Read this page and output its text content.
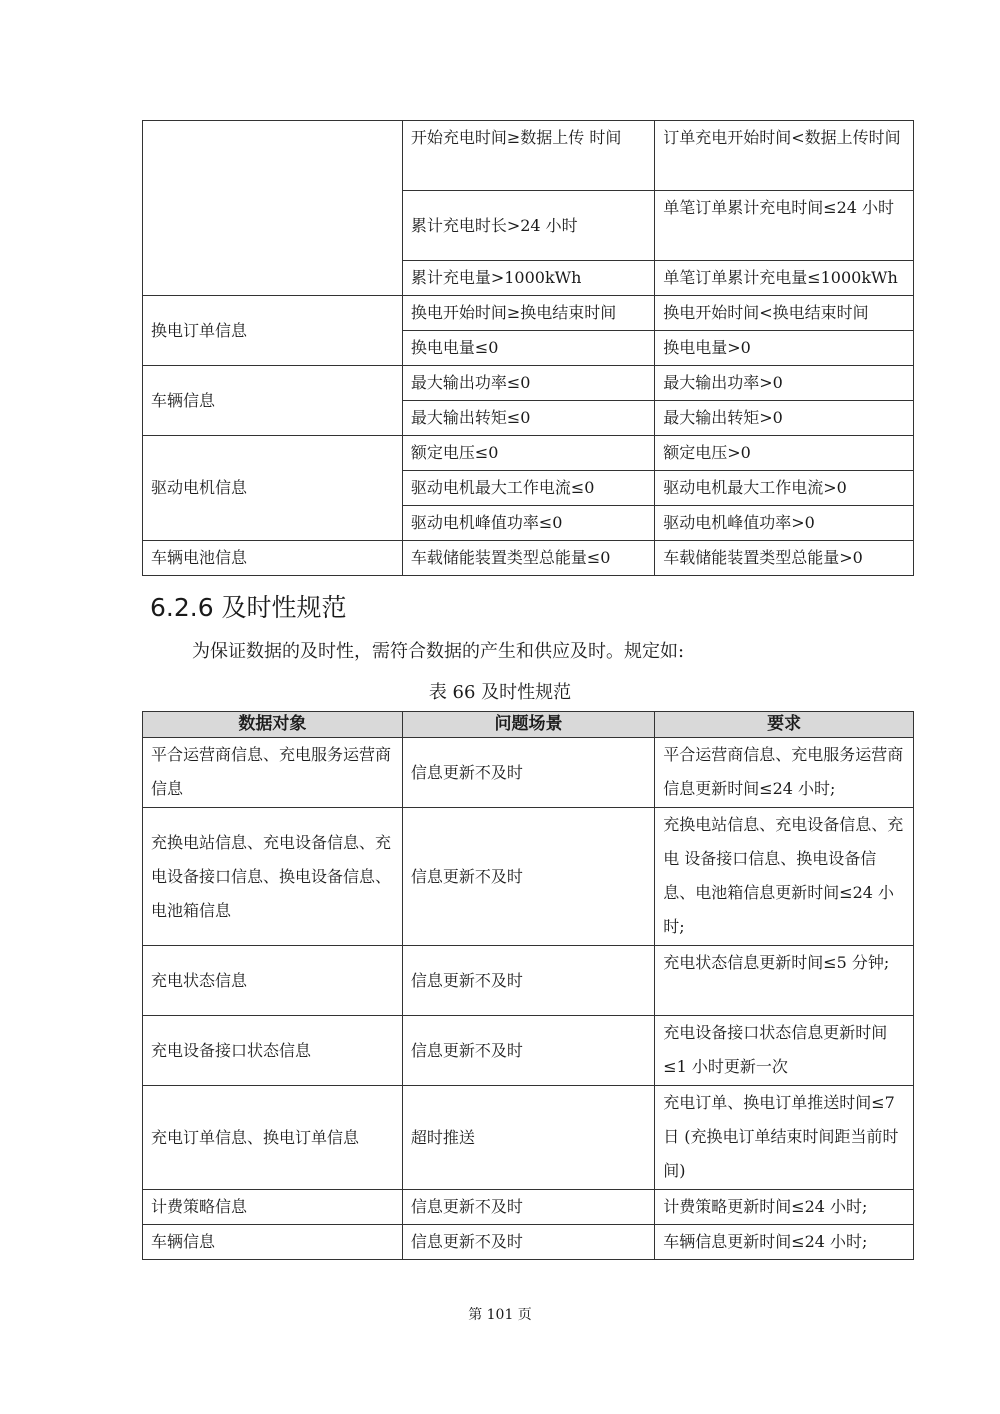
	开始充电时间≥数据上传 时间	订单充电开始时间<数据上传时间
	累计充电时长>24 小时	单笔订单累计充电时间≤24 小时
	累计充电量>1000kWh	单笔订单累计充电量≤1000kWh
换电订单信息	换电开始时间≥换电结束时间	换电开始时间<换电结束时间
	换电电量≤0	换电电量>0
车辆信息	最大输出功率≤0	最大输出功率>0
	最大输出转矩≤0	最大输出转矩>0
驱动电机信息	额定电压≤0	额定电压>0
	驱动电机最大工作电流≤0	驱动电机最大工作电流>0
	驱动电机峰值功率≤0	驱动电机峰值功率>0
车辆电池信息	车载储能装置类型总能量≤0	车载储能装置类型总能量>0
6.2.6 及时性规范

为保证数据的及时性，需符合数据的产生和供应及时。规定如:

表 66 及时性规范

数据对象	问题场景	要求
平合运营商信息、充电服务运营商信息	信息更新不及时	平合运营商信息、充电服务运营商信息更新时间≤24 小时;
充换电站信息、充电设备信息、充电设备接口信息、换电设备信息、电池箱信息	信息更新不及时	充换电站信息、充电设备信息、充电 设备接口信息、换电设备信息、电池箱信息更新时间≤24 小时;
充电状态信息	信息更新不及时	充电状态信息更新时间≤5 分钟;
充电设备接口状态信息	信息更新不及时	充电设备接口状态信息更新时间≤1 小时更新一次
充电订单信息、换电订单信息	超时推送	充电订单、换电订单推送时间≤7日 (充换电订单结束时间距当前时间)
计费策略信息	信息更新不及时	计费策略更新时间≤24 小时;
车辆信息	信息更新不及时	车辆信息更新时间≤24 小时;

第 101 页
